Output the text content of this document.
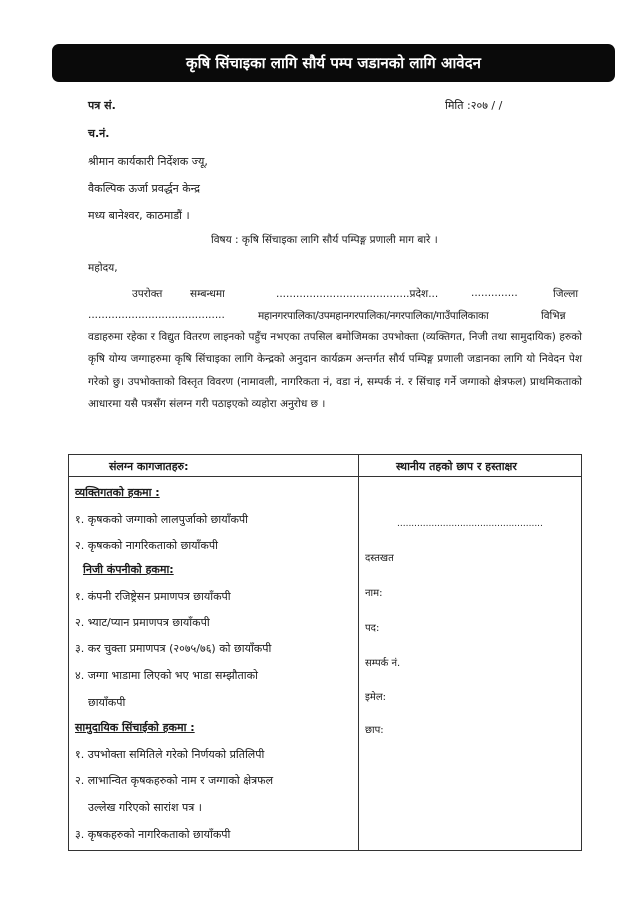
कृषि सिंचाइका लागि सौर्य पम्प जडानको लागि आवेदन
पत्र सं.	मिति :२०७ / /
च.नं.
श्रीमान कार्यकारी निर्देशक ज्यू,
वैकल्पिक ऊर्जा प्रवर्द्धन केन्द्र
मध्य बानेश्वर, काठमाडौं ।
विषय : कृषि सिंचाइका लागि सौर्य पम्पिङ्ग प्रणाली माग बारे ।
महोदय,
उपरोक्त	सम्बन्धमा	........................................प्रदेश...	..............	जिल्ला
.........................................	महानगरपालिका/उपमहानगरपालिका/नगरपालिका/गाउँपालिकाका	विभिन्न
वडाहरुमा रहेका र विद्युत वितरण लाइनको पहुँच नभएका तपसिल बमोजिमका उपभोक्ता (व्यक्तिगत, निजी तथा सामुदायिक) हरुको कृषि योग्य जग्गाहरुमा कृषि सिंचाइका लागि केन्द्रको अनुदान कार्यक्रम अन्तर्गत सौर्य पम्पिङ्ग प्रणाली जडानका लागि यो निवेदन पेश गरेको छु। उपभोक्ताको विस्तृत विवरण (नामावली, नागरिकता नं, वडा नं, सम्पर्क नं. र सिंचाइ गर्ने जग्गाको क्षेत्रफल) प्राथमिकताको आधारमा यसै पत्रसँग संलग्न गरी पठाइएको व्यहोरा अनुरोध छ ।
संलग्न कागजातहरु:	स्थानीय तहको छाप र हस्ताक्षर
व्यक्तिगतको हकमा :
१. कृषकको जग्गाको लालपुर्जाको छायाँकपी
२. कृषकको नागरिकताको छायाँकपी
निजी कंपनीको हकमा:
१. कंपनी रजिष्ट्रेसन प्रमाणपत्र छायाँकपी
२. भ्याट/प्यान प्रमाणपत्र छायाँकपी
३. कर चुक्ता प्रमाणपत्र (२०७५/७६) को छायाँकपी
४. जग्गा भाडामा लिएको भए भाडा सम्झौताको
छायाँकपी
सामुदायिक सिंचाईको हकमा :
१. उपभोक्ता समितिले गरेको निर्णयको प्रतिलिपी
२. लाभान्वित कृषकहरुको नाम र जग्गाको क्षेत्रफल
उल्लेख गरिएको सारांश पत्र ।
३. कृषकहरुको नागरिकताको छायाँकपी
...................................................
दस्तखत
नाम:
पद:
सम्पर्क नं.
इमेल:
छाप:
